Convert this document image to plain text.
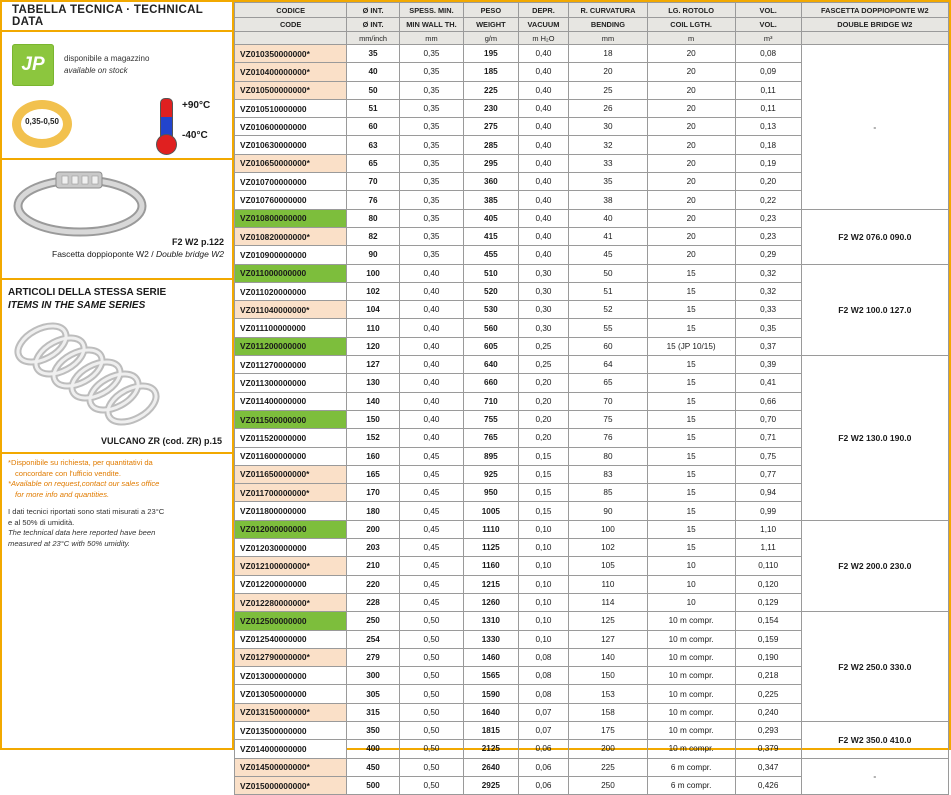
TABELLA TECNICA · TECHNICAL DATA
JP disponibile a magazzino
available on stock
0,35-0,50
+90°C
-40°C
F2 W2 p.122
Fascetta doppioponte W2 / Double bridge W2
ARTICOLI DELLA STESSA SERIE
ITEMS IN THE SAME SERIES
VULCANO ZR (cod. ZR) p.15
*Disponibile su richiesta, per quantitativi da
concordare con l'ufficio vendite.
*Available on request,contact our sales office
for more info and quantities.
I dati tecnici riportati sono stati misurati a 23°C
e al 50% di umidità.
The technical data here reported have been
measured at 23°C with 50% umidity.
CODICE	Ø INT.	SPESS. MIN.	PESO	DEPR.	R. CURVATURA	LG. ROTOLO	VOL.	FASCETTA DOPPIOPONTE W2
CODE	Ø INT.	MIN WALL TH.	WEIGHT	VACUUM	BENDING	COIL LGTH.	VOL.	DOUBLE BRIDGE W2
	mm/inch	mm	g/m	m H₂O	mm	m	m³	
VZ010350000000*	35	0,35	195	0,40	18	20	0,08	-
VZ010400000000*	40	0,35	185	0,40	20	20	0,09	
VZ010500000000*	50	0,35	225	0,40	25	20	0,11	
VZ010510000000	51	0,35	230	0,40	26	20	0,11	
VZ010600000000	60	0,35	275	0,40	30	20	0,13	
VZ010630000000	63	0,35	285	0,40	32	20	0,18	
VZ010650000000*	65	0,35	295	0,40	33	20	0,19	
VZ010700000000	70	0,35	360	0,40	35	20	0,20	
VZ010760000000	76	0,35	385	0,40	38	20	0,22	
VZ010800000000	80	0,35	405	0,40	40	20	0,23	F2 W2 076.0 090.0
VZ010820000000*	82	0,35	415	0,40	41	20	0,23	
VZ010900000000	90	0,35	455	0,40	45	20	0,29	
VZ011000000000	100	0,40	510	0,30	50	15	0,32	F2 W2 100.0 127.0
VZ011020000000	102	0,40	520	0,30	51	15	0,32	
VZ011040000000*	104	0,40	530	0,30	52	15	0,33	
VZ011100000000	110	0,40	560	0,30	55	15	0,35	
VZ011200000000	120	0,40	605	0,25	60	15 (JP 10/15)	0,37	
VZ011270000000	127	0,40	640	0,25	64	15	0,39	F2 W2 130.0 190.0
VZ011300000000	130	0,40	660	0,20	65	15	0,41	
VZ011400000000	140	0,40	710	0,20	70	15	0,66	
VZ011500000000	150	0,40	755	0,20	75	15	0,70	
VZ011520000000	152	0,40	765	0,20	76	15	0,71	
VZ011600000000	160	0,45	895	0,15	80	15	0,75	
VZ011650000000*	165	0,45	925	0,15	83	15	0,77	
VZ011700000000*	170	0,45	950	0,15	85	15	0,94	
VZ011800000000	180	0,45	1005	0,15	90	15	0,99	
VZ012000000000	200	0,45	1110	0,10	100	15	1,10	F2 W2 200.0 230.0
VZ012030000000	203	0,45	1125	0,10	102	15	1,11	
VZ012100000000*	210	0,45	1160	0,10	105	10	0,110	
VZ012200000000	220	0,45	1215	0,10	110	10	0,120	
VZ012280000000*	228	0,45	1260	0,10	114	10	0,129	
VZ012500000000	250	0,50	1310	0,10	125	10 m compr.	0,154	F2 W2 250.0 330.0
VZ012540000000	254	0,50	1330	0,10	127	10 m compr.	0,159	
VZ012790000000*	279	0,50	1460	0,08	140	10 m compr.	0,190	
VZ013000000000	300	0,50	1565	0,08	150	10 m compr.	0,218	
VZ013050000000	305	0,50	1590	0,08	153	10 m compr.	0,225	
VZ013150000000*	315	0,50	1640	0,07	158	10 m compr.	0,240	
VZ013500000000	350	0,50	1815	0,07	175	10 m compr.	0,293	F2 W2 350.0 410.0
VZ014000000000	400	0,50	2125	0,06	200	10 m compr.	0,379	
VZ014500000000*	450	0,50	2640	0,06	225	6 m compr.	0,347	-
VZ015000000000*	500	0,50	2925	0,06	250	6 m compr.	0,426	
